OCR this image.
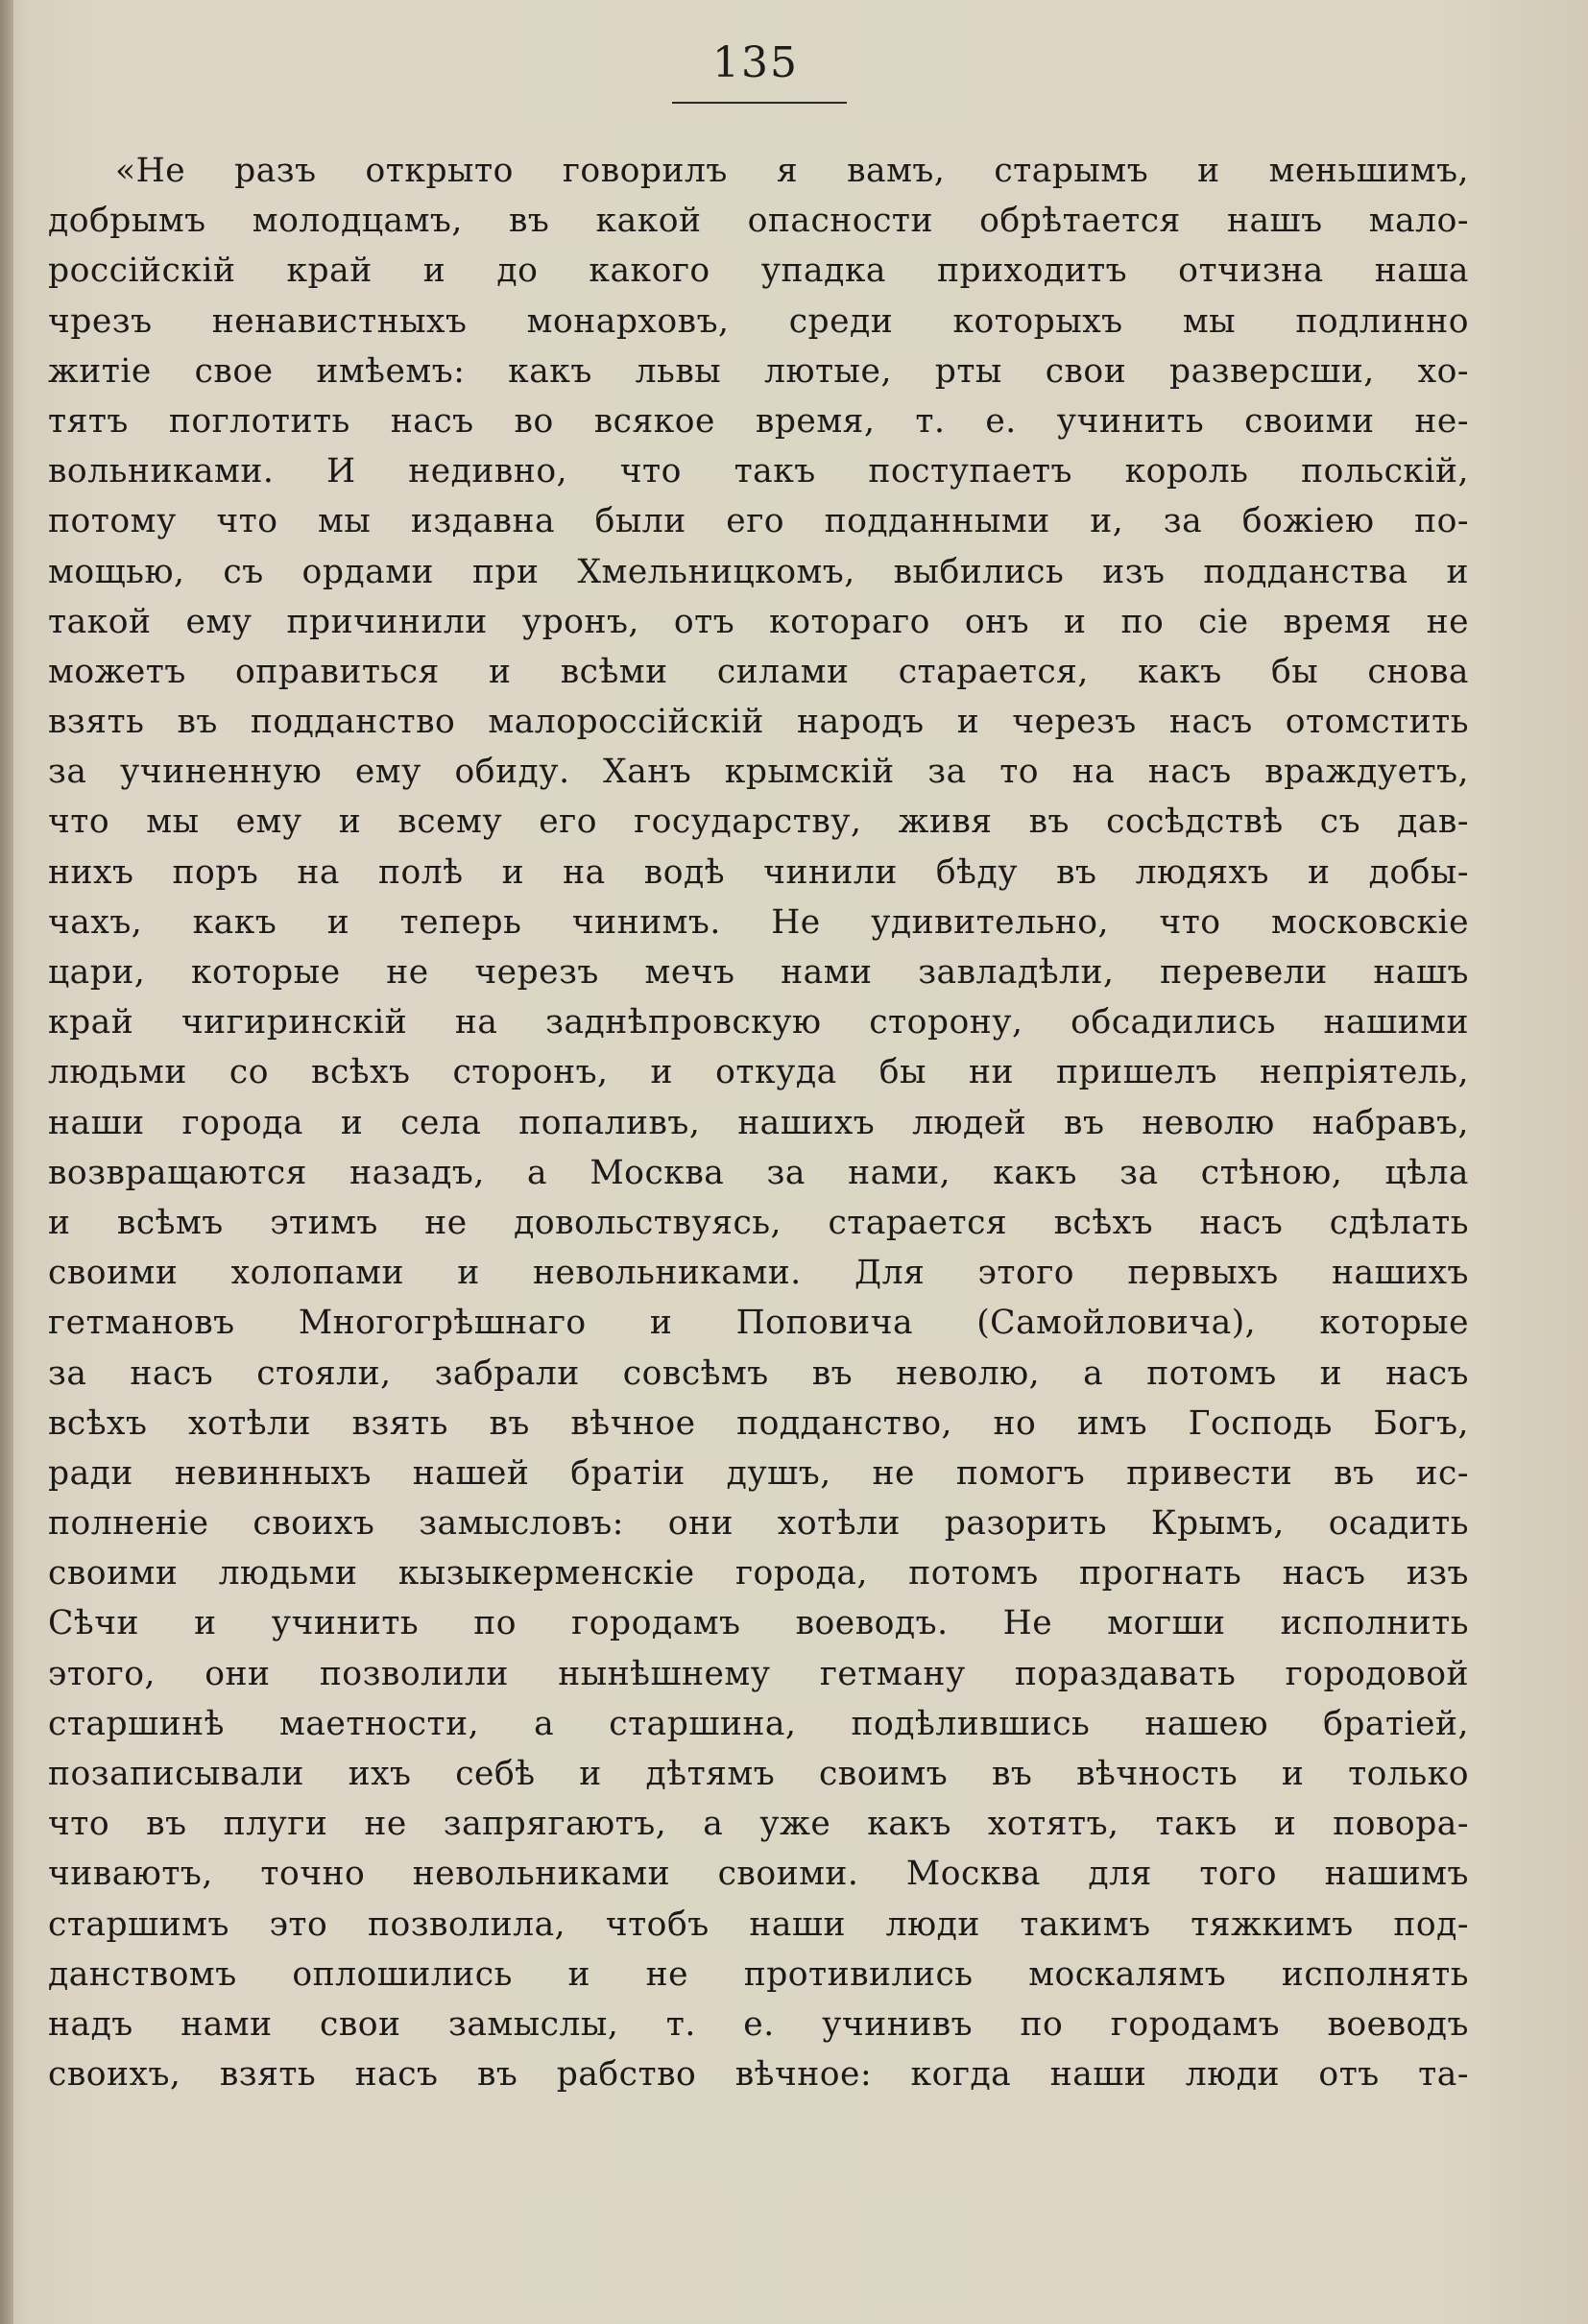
135
«Не разъ открыто говорилъ я вамъ, старымъ и меньшимъ,
добрымъ молодцамъ, въ какой опасности обрѣтается нашъ мало-
россiйскiй край и до какого упадка приходитъ отчизна наша
чрезъ ненавистныхъ монарховъ, среди которыхъ мы подлинно
житiе свое имѣемъ: какъ львы лютые, рты свои разверсши, хо-
тятъ поглотить насъ во всякое время, т. е. учинить своими не-
вольниками. И недивно, что такъ поступаетъ король польскiй,
потому что мы издавна были его подданными и, за божiею по-
мощью, съ ордами при Хмельницкомъ, выбились изъ подданства и
такой ему причинили уронъ, отъ котораго онъ и по сiе время не
можетъ оправиться и всѣми силами старается, какъ бы снова
взять въ подданство малороссiйскiй народъ и черезъ насъ отомстить
за учиненную ему обиду. Ханъ крымскiй за то на насъ враждуетъ,
что мы ему и всему его государству, живя въ сосѣдствѣ съ дав-
нихъ поръ на полѣ и на водѣ чинили бѣду въ людяхъ и добы-
чахъ, какъ и теперь чинимъ. Не удивительно, что московскiе
цари, которые не черезъ мечъ нами завладѣли, перевели нашъ
край чигиринскiй на заднѣпровскую сторону, обсадились нашими
людьми со всѣхъ сторонъ, и откуда бы ни пришелъ непрiятель,
наши города и села попаливъ, нашихъ людей въ неволю набравъ,
возвращаются назадъ, а Москва за нами, какъ за стѣною, цѣла
и всѣмъ этимъ не довольствуясь, старается всѣхъ насъ сдѣлать
своими холопами и невольниками. Для этого первыхъ нашихъ
гетмановъ Многогрѣшнаго и Поповича (Самойловича), которые
за насъ стояли, забрали совсѣмъ въ неволю, а потомъ и насъ
всѣхъ хотѣли взять въ вѣчное подданство, но имъ Господь Богъ,
ради невинныхъ нашей братiи душъ, не помогъ привести въ ис-
полненiе своихъ замысловъ: они хотѣли разорить Крымъ, осадить
своими людьми кызыкерменскiе города, потомъ прогнать насъ изъ
Сѣчи и учинить по городамъ воеводъ. Не могши исполнить
этого, они позволили нынѣшнему гетману пораздавать городовой
старшинѣ маетности, а старшина, подѣлившись нашею братiей,
позаписывали ихъ себѣ и дѣтямъ своимъ въ вѣчность и только
что въ плуги не запрягаютъ, а уже какъ хотятъ, такъ и повора-
чиваютъ, точно невольниками своими. Москва для того нашимъ
старшимъ это позволила, чтобъ наши люди такимъ тяжкимъ под-
данствомъ оплошились и не противились москалямъ исполнять
надъ нами свои замыслы, т. е. учинивъ по городамъ воеводъ
своихъ, взять насъ въ рабство вѣчное: когда наши люди отъ та-
